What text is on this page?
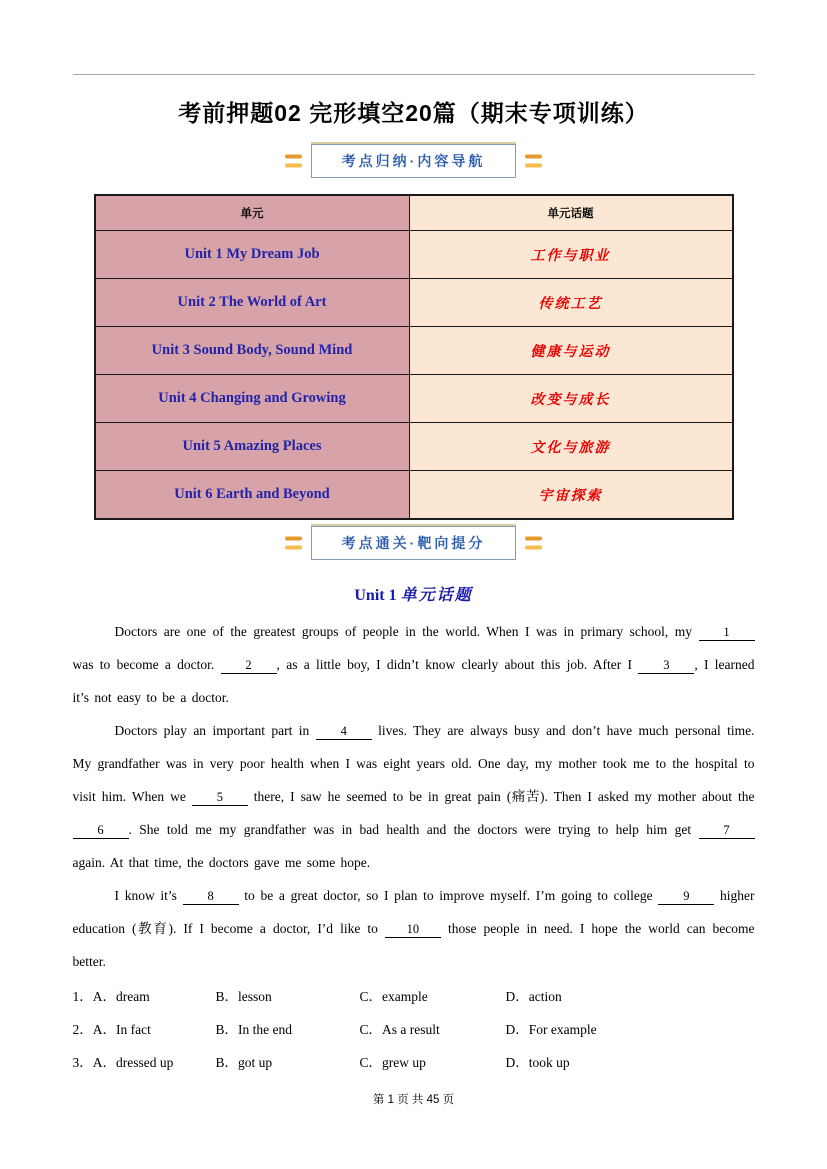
考前押题02 完形填空20篇（期末专项训练）
考点归纳·内容导航
单元	单元话题
Unit 1 My Dream Job	工作与职业
Unit 2 The World of Art	传统工艺
Unit 3 Sound Body, Sound Mind	健康与运动
Unit 4 Changing and Growing	改变与成长
Unit 5 Amazing Places	文化与旅游
Unit 6 Earth and Beyond	宇宙探索
考点通关·靶向提分
Unit 1 单元话题

Doctors are one of the greatest groups of people in the world. When I was in primary school, my 1 was to become a doctor. 2 , as a little boy, I didn’t know clearly about this job. After I 3 , I learned it’s not easy to be a doctor.

Doctors play an important part in 4 lives. They are always busy and don’t have much personal time. My grandfather was in very poor health when I was eight years old. One day, my mother took me to the hospital to visit him. When we 5 there, I saw he seemed to be in great pain (痛苦). Then I asked my mother about the 6 . She told me my grandfather was in bad health and the doctors were trying to help him get 7 again. At that time, the doctors gave me some hope.

I know it’s 8 to be a great doctor, so I plan to improve myself. I’m going to college 9 higher education (教育). If I become a doctor, I’d like to 10 those people in need. I hope the world can become better.

1．A．dream	B．lesson	C．example	D．action
2．A．In fact	B．In the end	C．As a result	D．For example
3．A．dressed up	B．got up	C．grew up	D．took up
第 1 页 共 45 页
